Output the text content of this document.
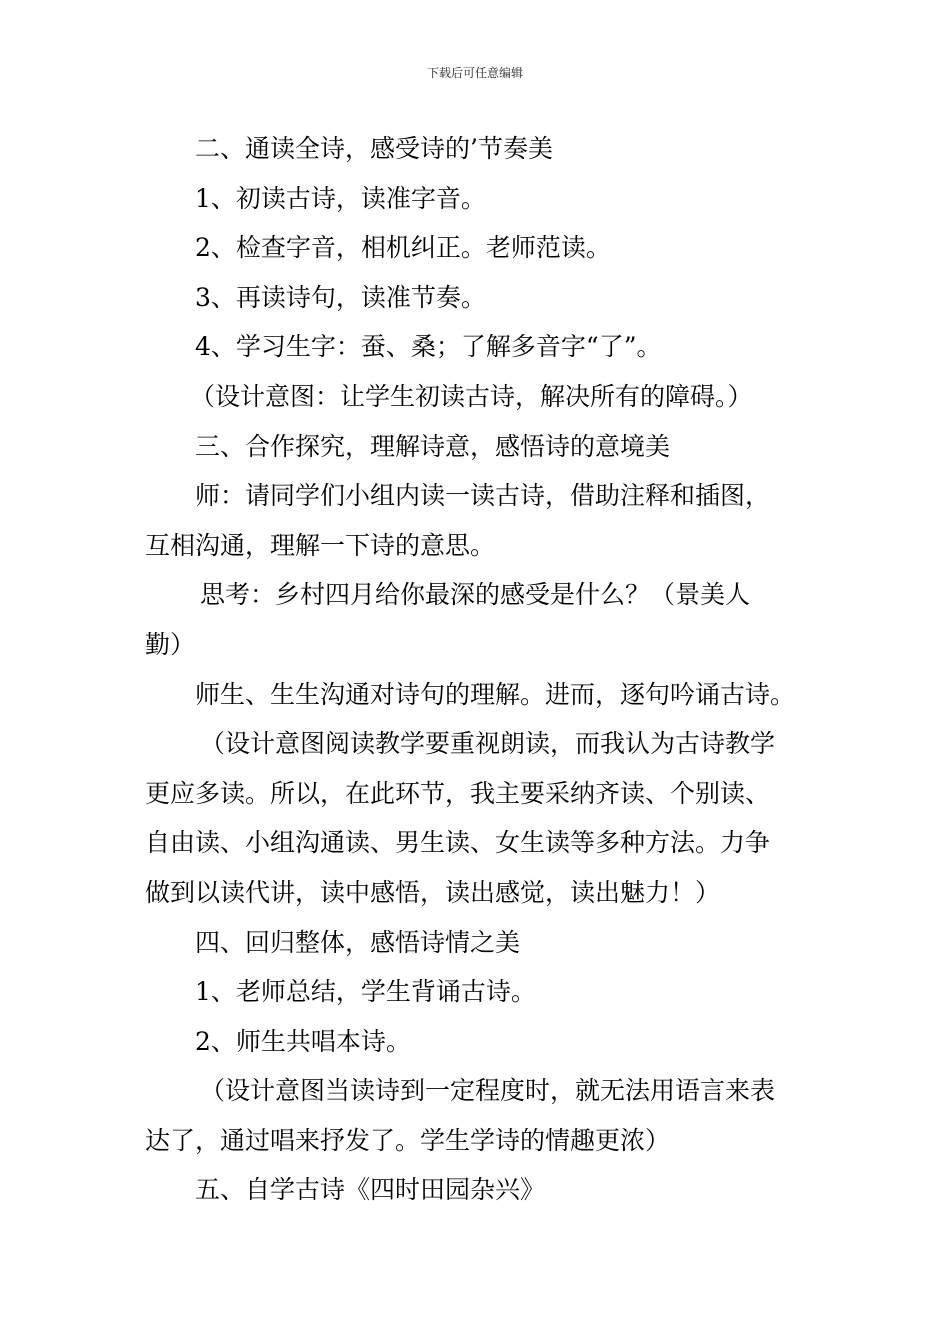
下载后可任意编辑
二、通读全诗，感受诗的’节奏美
1、初读古诗，读准字音。
2、检查字音，相机纠正。老师范读。
3、再读诗句，读准节奏。
4、学习生字：蚕、桑；了解多音字“了”。
（设计意图：让学生初读古诗，解决所有的障碍。）
三、合作探究，理解诗意，感悟诗的意境美
师：请同学们小组内读一读古诗，借助注释和插图，
互相沟通，理解一下诗的意思。
思考：乡村四月给你最深的感受是什么？（景美人
勤）
师生、生生沟通对诗句的理解。进而，逐句吟诵古诗。
（设计意图阅读教学要重视朗读，而我认为古诗教学
更应多读。所以，在此环节，我主要采纳齐读、个别读、
自由读、小组沟通读、男生读、女生读等多种方法。力争
做到以读代讲，读中感悟，读出感觉，读出魅力！）
四、回归整体，感悟诗情之美
1、老师总结，学生背诵古诗。
2、师生共唱本诗。
（设计意图当读诗到一定程度时，就无法用语言来表
达了，通过唱来抒发了。学生学诗的情趣更浓）
五、自学古诗《四时田园杂兴》
